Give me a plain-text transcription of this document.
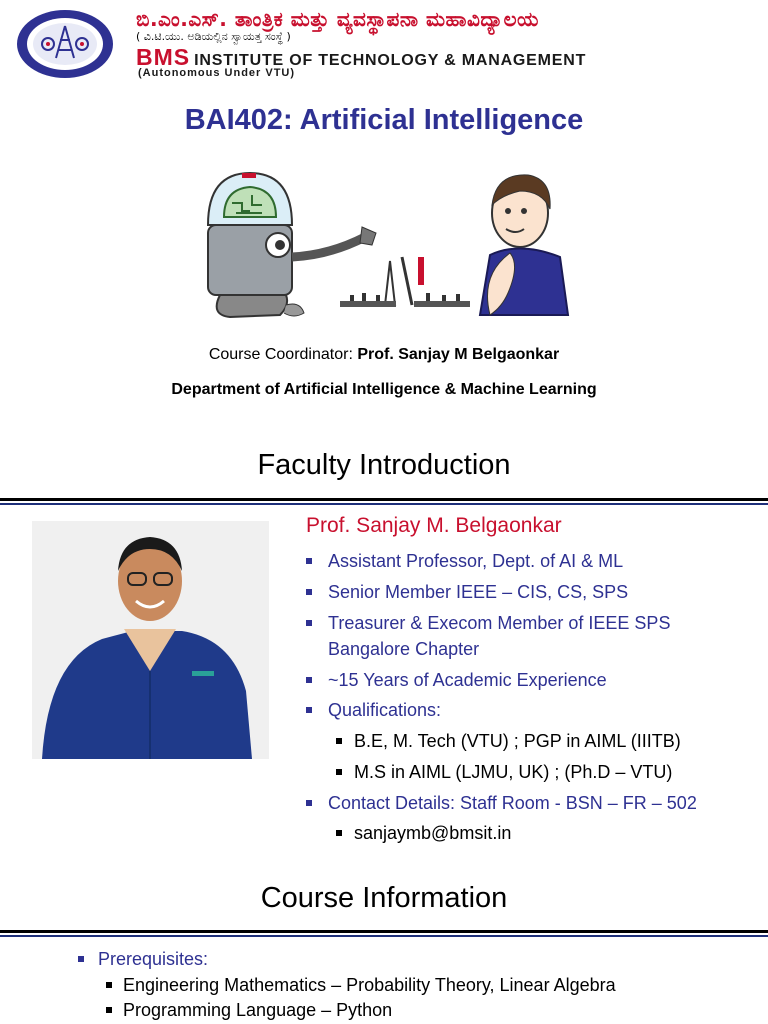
ಬಿ.ಎಂ.ಎಸ್. ತಾಂತ್ರಿಕ ಮತ್ತು ವ್ಯವಸ್ಥಾಪನಾ ಮಹಾವಿದ್ಯಾಲಯ
( ವಿ.ಟಿ.ಯು. ಅಡಿಯಲ್ಲಿನ ಸ್ವಾಯತ್ತ ಸಂಸ್ಥೆ )
BMS INSTITUTE OF TECHNOLOGY & MANAGEMENT
(Autonomous Under VTU)
BAI402: Artificial Intelligence
Course Coordinator: Prof. Sanjay M Belgaonkar
Department of Artificial Intelligence & Machine Learning
Faculty Introduction
Prof. Sanjay M. Belgaonkar
Assistant Professor, Dept. of AI & ML
Senior Member IEEE – CIS, CS, SPS
Treasurer & Execom Member of IEEE SPS
Bangalore Chapter
~15 Years of Academic Experience
Qualifications:
B.E, M. Tech (VTU) ; PGP in AIML (IIITB)
M.S in AIML (LJMU, UK) ; (Ph.D – VTU)
Contact Details: Staff Room - BSN – FR – 502
sanjaymb@bmsit.in
Course Information
Prerequisites:
Engineering Mathematics – Probability Theory, Linear Algebra
Programming Language – Python
